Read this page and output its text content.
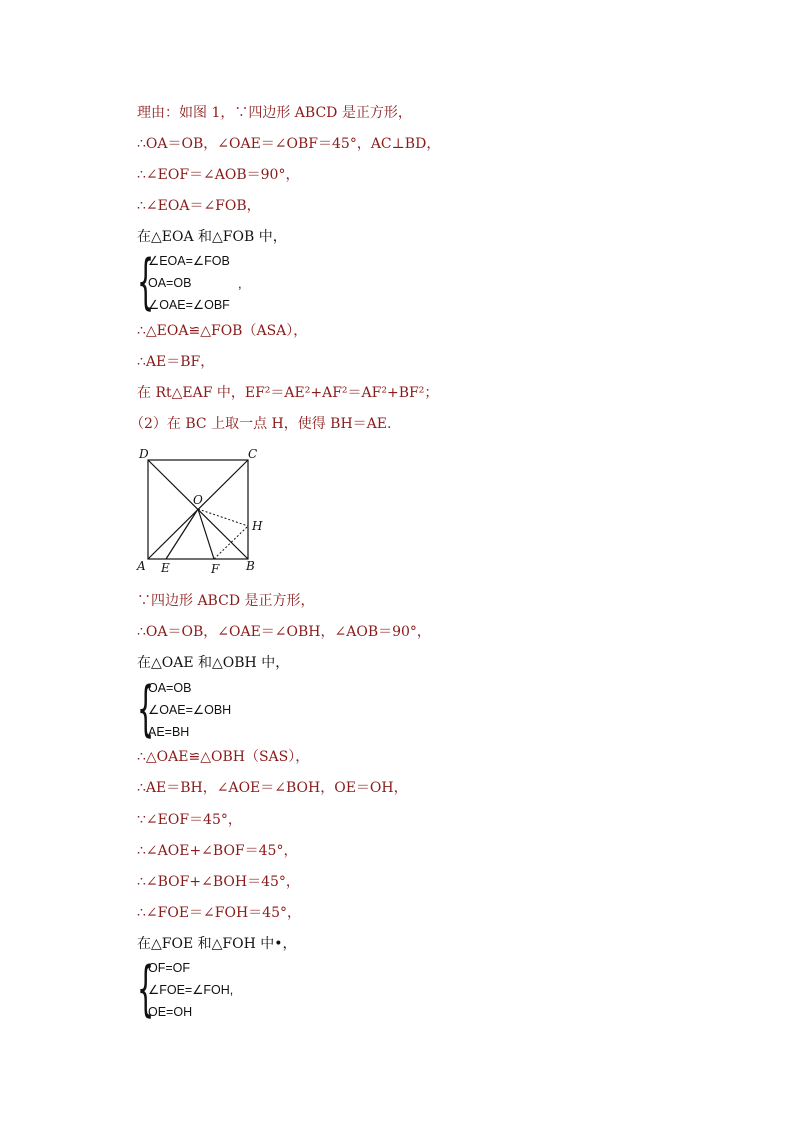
理由：如图 1，∵四边形 ABCD 是正方形，
∴OA＝OB，∠OAE＝∠OBF＝45°，AC⊥BD，
∴∠EOF＝∠AOB＝90°，
∴∠EOA＝∠FOB，
在△EOA 和△FOB 中，
{
∠EOA=∠FOB
OA=OB
∠OAE=∠OBF
,
∴△EOA≌△FOB（ASA），
∴AE＝BF，
在 Rt△EAF 中，EF²＝AE²+AF²＝AF²+BF²；
（2）在 BC 上取一点 H，使得 BH＝AE.
D	C
O
H
A E	F B
∵四边形 ABCD 是正方形，
∴OA＝OB，∠OAE＝∠OBH，∠AOB＝90°，
在△OAE 和△OBH 中，
{
OA=OB
∠OAE=∠OBH
AE=BH
∴△OAE≌△OBH（SAS），
∴AE＝BH，∠AOE＝∠BOH，OE＝OH，
∵∠EOF＝45°，
∴∠AOE+∠BOF＝45°，
∴∠BOF+∠BOH＝45°，
∴∠FOE＝∠FOH＝45°，
在△FOE 和△FOH 中•，
{
OF=OF
∠FOE=∠FOH,
OE=OH
